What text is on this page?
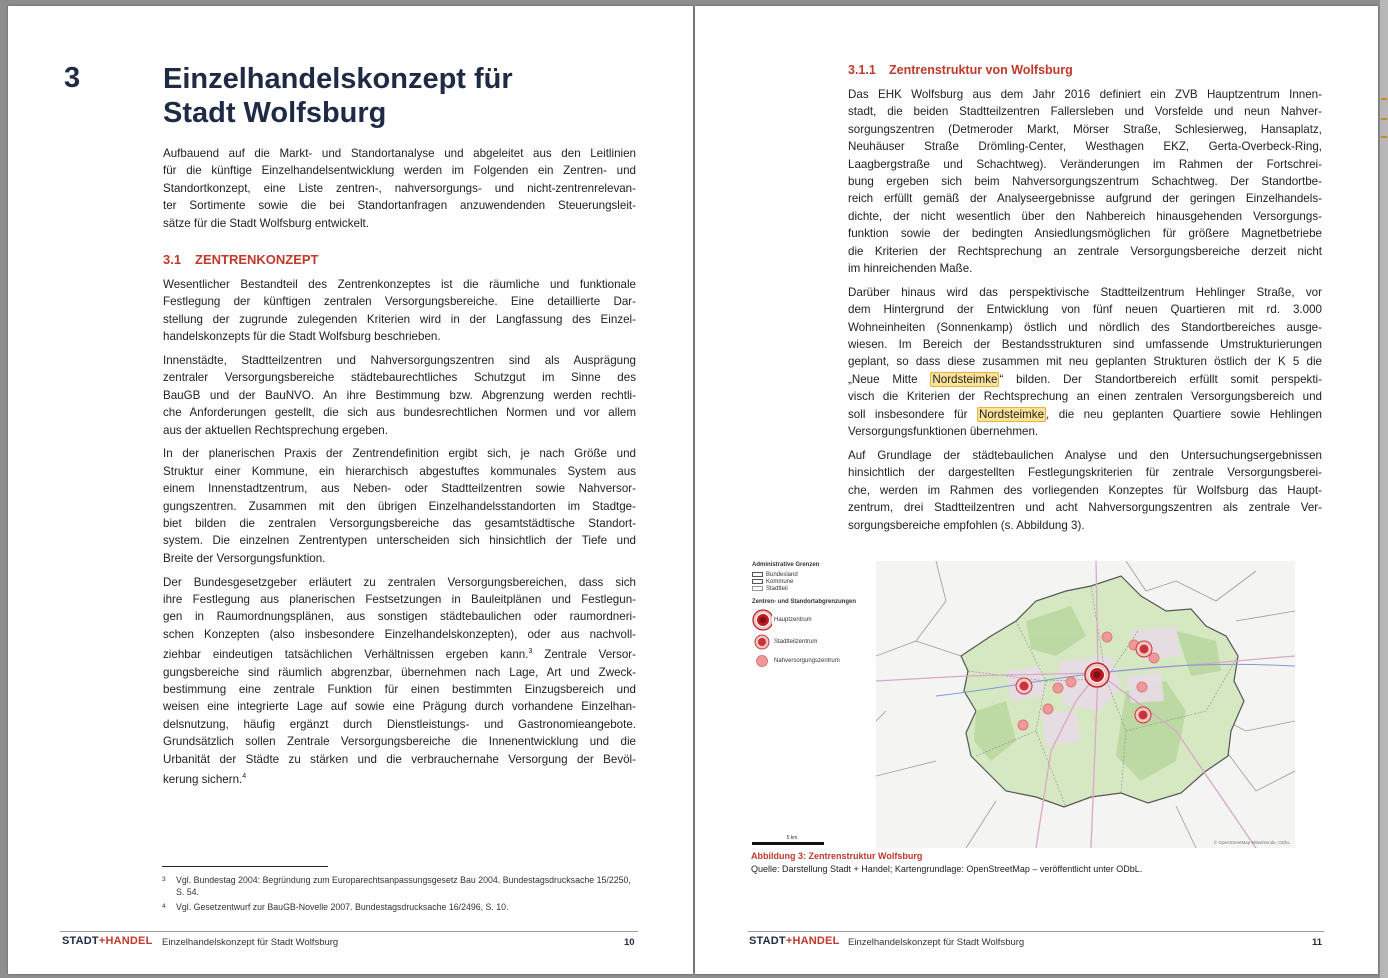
3	Einzelhandelskonzept für
Stadt Wolfsburg
Aufbauend auf die Markt- und Standortanalyse und abgeleitet aus den Leitlinien
für die künftige Einzelhandelsentwicklung werden im Folgenden ein Zentren- und
Standortkonzept, eine Liste zentren-, nahversorgungs- und nicht-zentrenrelevan-
ter Sortimente sowie die bei Standortanfragen anzuwendenden Steuerungsleit-
sätze für die Stadt Wolfsburg entwickelt.
3.1 ZENTRENKONZEPT

Wesentlicher Bestandteil des Zentrenkonzeptes ist die räumliche und funktionale
Festlegung der künftigen zentralen Versorgungsbereiche. Eine detaillierte Dar-
stellung der zugrunde zulegenden Kriterien wird in der Langfassung des Einzel-
handelskonzepts für die Stadt Wolfsburg beschrieben.

Innenstädte, Stadtteilzentren und Nahversorgungszentren sind als Ausprägung
zentraler Versorgungsbereiche städtebaurechtliches Schutzgut im Sinne des
BauGB und der BauNVO. An ihre Bestimmung bzw. Abgrenzung werden rechtli-
che Anforderungen gestellt, die sich aus bundesrechtlichen Normen und vor allem
aus der aktuellen Rechtsprechung ergeben.

In der planerischen Praxis der Zentrendefinition ergibt sich, je nach Größe und
Struktur einer Kommune, ein hierarchisch abgestuftes kommunales System aus
einem Innenstadtzentrum, aus Neben- oder Stadtteilzentren sowie Nahversor-
gungszentren. Zusammen mit den übrigen Einzelhandelsstandorten im Stadtge-
biet bilden die zentralen Versorgungsbereiche das gesamtstädtische Standort-
system. Die einzelnen Zentrentypen unterscheiden sich hinsichtlich der Tiefe und
Breite der Versorgungsfunktion.

Der Bundesgesetzgeber erläutert zu zentralen Versorgungsbereichen, dass sich
ihre Festlegung aus planerischen Festsetzungen in Bauleitplänen und Festlegun-
gen in Raumordnungsplänen, aus sonstigen städtebaulichen oder raumordneri-
schen Konzepten (also insbesondere Einzelhandelskonzepten), oder aus nachvoll-
ziehbar eindeutigen tatsächlichen Verhältnissen ergeben kann.$^3$ Zentrale Versor-
gungsbereiche sind räumlich abgrenzbar, übernehmen nach Lage, Art und Zweck-
bestimmung eine zentrale Funktion für einen bestimmten Einzugsbereich und
weisen eine integrierte Lage auf sowie eine Prägung durch vorhandene Einzelhan-
delsnutzung, häufig ergänzt durch Dienstleistungs- und Gastronomieangebote.
Grundsätzlich sollen Zentrale Versorgungsbereiche die Innenentwicklung und die
Urbanität der Städte zu stärken und die verbrauchernahe Versorgung der Bevöl-
kerung sichern.$^4$

3	Vgl. Bundestag 2004: Begründung zum Europarechtsanpassungsgesetz Bau 2004. Bundestagsdrucksache 15/2250, S. 54.
4	Vgl. Gesetzentwurf zur BauGB-Novelle 2007. Bundestagsdrucksache 16/2496, S. 10.
STADT+HANDEL Einzelhandelskonzept für Stadt Wolfsburg	10
3.1.1 Zentrenstruktur von Wolfsburg

Das EHK Wolfsburg aus dem Jahr 2016 definiert ein ZVB Hauptzentrum Innen-
stadt, die beiden Stadtteilzentren Fallersleben und Vorsfelde und neun Nahver-
sorgungszentren (Detmeroder Markt, Mörser Straße, Schlesierweg, Hansaplatz,
Neuhäuser Straße Drömling-Center, Westhagen EKZ, Gerta-Overbeck-Ring,
Laagbergstraße und Schachtweg). Veränderungen im Rahmen der Fortschrei-
bung ergeben sich beim Nahversorgungszentrum Schachtweg. Der Standortbe-
reich erfüllt gemäß der Analyseergebnisse aufgrund der geringen Einzelhandels-
dichte, der nicht wesentlich über den Nahbereich hinausgehenden Versorgungs-
funktion sowie der bedingten Ansiedlungsmöglichen für größere Magnetbetriebe
die Kriterien der Rechtsprechung an zentrale Versorgungsbereiche derzeit nicht
im hinreichenden Maße.

Darüber hinaus wird das perspektivische Stadtteilzentrum Hehlinger Straße, vor
dem Hintergrund der Entwicklung von fünf neuen Quartieren mit rd. 3.000
Wohneinheiten (Sonnenkamp) östlich und nördlich des Standortbereiches ausge-
wiesen. Im Bereich der Bestandsstrukturen sind umfassende Umstrukturierungen
geplant, so dass diese zusammen mit neu geplanten Strukturen östlich der K 5 die
„Neue Mitte Nordsteimke “ bilden. Der Standortbereich erfüllt somit perspekti-
visch die Kriterien der Rechtsprechung an einen zentralen Versorgungsbereich und
soll insbesondere für Nordsteimke , die neu geplanten Quartiere sowie Hehlingen
Versorgungsfunktionen übernehmen.

Auf Grundlage der städtebaulichen Analyse und den Untersuchungsergebnissen
hinsichtlich der dargestellten Festlegungskriterien für zentrale Versorgungsberei-
che, werden im Rahmen des vorliegenden Konzeptes für Wolfsburg das Haupt-
zentrum, drei Stadtteilzentren und acht Nahversorgungszentren als zentrale Ver-
sorgungsbereiche empfohlen (s. Abbildung 3).

Administrative Grenzen
Bundesland
Kommune
Stadtteil
Zentren- und Standortabgrenzungen
Hauptzentrum
Stadtteilzentrum
Nahversorgungszentrum
© OpenStreetMap-Mitwirkende, ODbL
5 km
Abbildung 3: Zentrenstruktur Wolfsburg
Quelle: Darstellung Stadt + Handel; Kartengrundlage: OpenStreetMap – veröffentlicht unter ODbL.
STADT+HANDEL Einzelhandelskonzept für Stadt Wolfsburg	11
